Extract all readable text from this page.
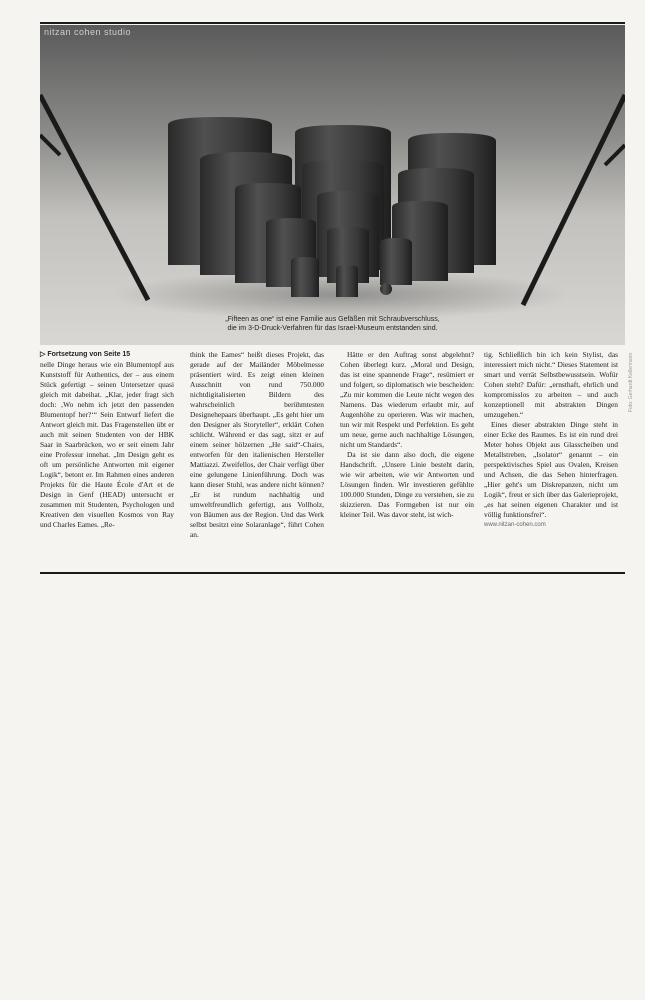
nitzan cohen studio
„Fifteen as one“ ist eine Familie aus Gefäßen mit Schraubverschluss,
die im 3-D-Druck-Verfahren für das Israel-Museum entstanden sind.
Foto: Gerhardt Kellermann
▷ Fortsetzung von Seite 15

nelle Dinge heraus wie ein Blumentopf aus Kunststoff für Authentics, der – aus einem Stück gefertigt – seinen Untersetzer quasi gleich mit dabeihat. „Klar, jeder fragt sich doch: ‚Wo nehm ich jetzt den passenden Blumentopf her?‘“ Sein Entwurf liefert die Antwort gleich mit. Das Fragenstellen übt er auch mit seinen Studenten von der HBK Saar in Saarbrücken, wo er seit einem Jahr eine Professur innehat. „Im Design geht es oft um persönliche Antworten mit eigener Logik“, betont er. Im Rahmen eines anderen Projekts für die Haute École d'Art et de Design in Genf (HEAD) untersucht er zusammen mit Studenten, Psychologen und Kreativen den visuellen Kosmos von Ray und Charles Eames. „Re-

think the Eames“ heißt dieses Projekt, das gerade auf der Mailänder Möbelmesse präsentiert wird. Es zeigt einen kleinen Ausschnitt von rund 750.000 nichtdigitalisierten Bildern des wahrscheinlich berühmtesten Designehepaars überhaupt. „Es geht hier um den Designer als Storyteller“, erklärt Cohen schlicht. Während er das sagt, sitzt er auf einem seiner hölzernen „He said“-Chairs, entworfen für den italienischen Hersteller Mattiazzi. Zweifellos, der Chair verfügt über eine gelungene Linienführung. Doch was kann dieser Stuhl, was andere nicht können? „Er ist rundum nachhaltig und umweltfreundlich gefertigt, aus Vollholz, von Bäumen aus der Region. Und das Werk selbst besitzt eine Solaranlage“, führt Cohen an.

Hätte er den Auftrag sonst abgelehnt? Cohen überlegt kurz. „Moral und Design, das ist eine spannende Frage“, resümiert er und folgert, so diplomatisch wie bescheiden: „Zu mir kommen die Leute nicht wegen des Namens. Das wiederum erlaubt mir, auf Augenhöhe zu operieren. Was wir machen, tun wir mit Respekt und Perfektion. Es geht um neue, gerne auch nachhaltige Lösungen, nicht um Standards“.

Da ist sie dann also doch, die eigene Handschrift. „Unsere Linie besteht darin, wie wir arbeiten, wie wir Antworten und Lösungen finden. Wir investieren gefühlte 100.000 Stunden, Dinge zu verstehen, sie zu skizzieren. Das Formgeben ist nur ein kleiner Teil. Was davor steht, ist wich-

tig. Schließlich bin ich kein Stylist, das interessiert mich nicht.“ Dieses Statement ist smart und verrät Selbstbewusstsein. Wofür Cohen steht? Dafür: „ernsthaft, ehrlich und kompromisslos zu arbeiten – und auch konzeptionell mit abstrakten Dingen umzugehen.“

Eines dieser abstrakten Dinge steht in einer Ecke des Raumes. Es ist ein rund drei Meter hohes Objekt aus Glasscheiben und Metallstreben, „Isolator“ genannt – ein perspektivisches Spiel aus Ovalen, Kreisen und Achsen, die das Sehen hinterfragen. „Hier geht's um Diskrepanzen, nicht um Logik“, freut er sich über das Galerieprojekt, „es hat seinen eigenen Charakter und ist völlig funktionsfrei“.

www.nitzan-cohen.com
